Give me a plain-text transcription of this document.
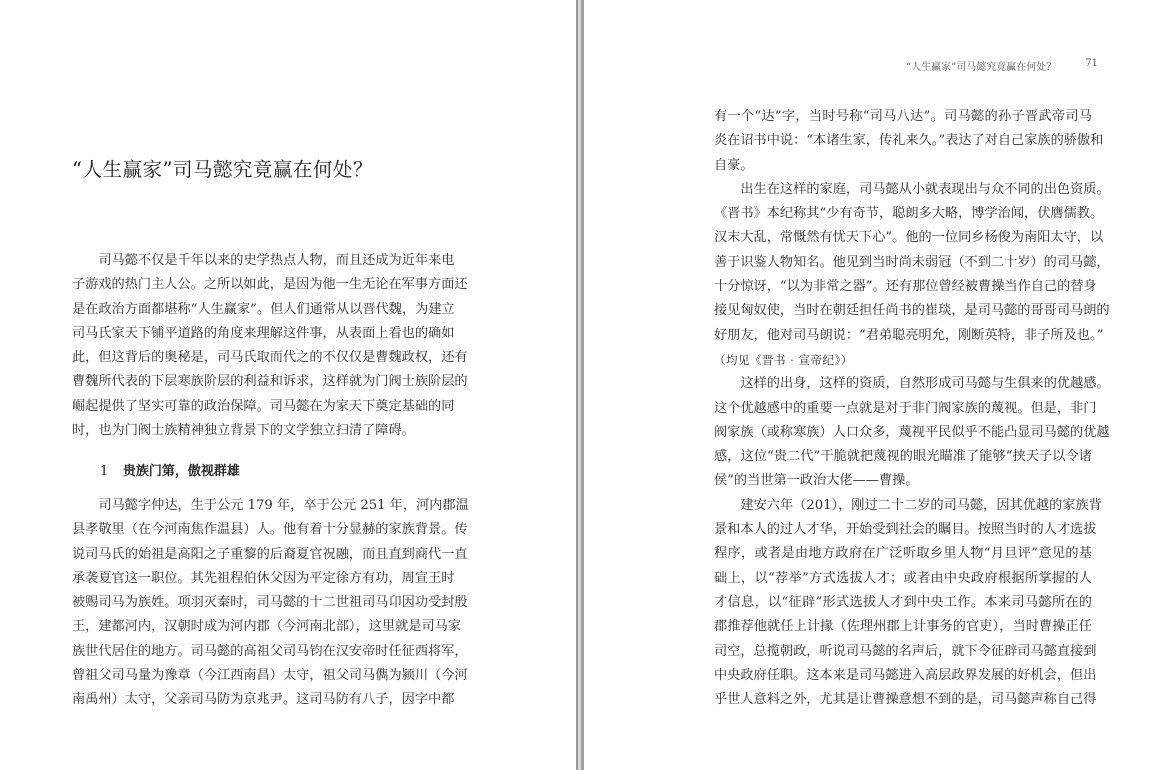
“人生赢家”司马懿究竟赢在何处？
司马懿不仅是千年以来的史学热点人物，而且还成为近年来电
子游戏的热门主人公。之所以如此，是因为他一生无论在军事方面还
是在政治方面都堪称“人生赢家”。但人们通常从以晋代魏，为建立
司马氏家天下铺平道路的角度来理解这件事，从表面上看也的确如
此，但这背后的奥秘是，司马氏取而代之的不仅仅是曹魏政权，还有
曹魏所代表的下层寒族阶层的利益和诉求，这样就为门阀士族阶层的
崛起提供了坚实可靠的政治保障。司马懿在为家天下奠定基础的同
时，也为门阀士族精神独立背景下的文学独立扫清了障碍。
1 贵族门第，傲视群雄
司马懿字仲达，生于公元 179 年，卒于公元 251 年，河内郡温
县孝敬里（在今河南焦作温县）人。他有着十分显赫的家族背景。传
说司马氏的始祖是高阳之子重黎的后裔夏官祝融，而且直到商代一直
承袭夏官这一职位。其先祖程伯休父因为平定徐方有功，周宣王时
被赐司马为族姓。项羽灭秦时，司马懿的十二世祖司马卬因功受封殷
王，建都河内，汉朝时成为河内郡（今河南北部），这里就是司马家
族世代居住的地方。司马懿的高祖父司马钧在汉安帝时任征西将军，
曾祖父司马量为豫章（今江西南昌）太守，祖父司马儁为颍川（今河
南禹州）太守，父亲司马防为京兆尹。这司马防有八子，因字中都
“人生赢家”司马懿究竟赢在何处？	71
有一个“达”字，当时号称“司马八达”。司马懿的孙子晋武帝司马
炎在诏书中说：“本诸生家，传礼来久。”表达了对自己家族的骄傲和
自豪。
出生在这样的家庭，司马懿从小就表现出与众不同的出色资质。
《晋书》本纪称其“少有奇节，聪朗多大略，博学治闻，伏膺儒教。
汉末大乱，常慨然有忧天下心”。他的一位同乡杨俊为南阳太守，以
善于识鉴人物知名。他见到当时尚未弱冠（不到二十岁）的司马懿，
十分惊讶，“以为非常之器”。还有那位曾经被曹操当作自己的替身
接见匈奴使，当时在朝廷担任尚书的崔琰，是司马懿的哥哥司马朗的
好朋友，他对司马朗说：“君弟聪亮明允，刚断英特，非子所及也。”
（均见《晋书 · 宣帝纪》）
这样的出身，这样的资质，自然形成司马懿与生俱来的优越感。
这个优越感中的重要一点就是对于非门阀家族的蔑视。但是，非门
阀家族（或称寒族）人口众多，蔑视平民似乎不能凸显司马懿的优越
感，这位“贵二代”干脆就把蔑视的眼光瞄准了能够“挟天子以令诸
侯”的当世第一政治大佬——曹操。
建安六年（201），刚过二十二岁的司马懿，因其优越的家族背
景和本人的过人才华，开始受到社会的瞩目。按照当时的人才选拔
程序，或者是由地方政府在广泛听取乡里人物“月旦评”意见的基
础上，以“荐举”方式选拔人才；或者由中央政府根据所掌握的人
才信息，以“征辟”形式选拔人才到中央工作。本来司马懿所在的
郡推荐他就任上计掾（佐理州郡上计事务的官吏），当时曹操正任
司空，总揽朝政，听说司马懿的名声后，就下令征辟司马懿直接到
中央政府任职。这本来是司马懿进入高层政界发展的好机会，但出
乎世人意料之外，尤其是让曹操意想不到的是，司马懿声称自己得
